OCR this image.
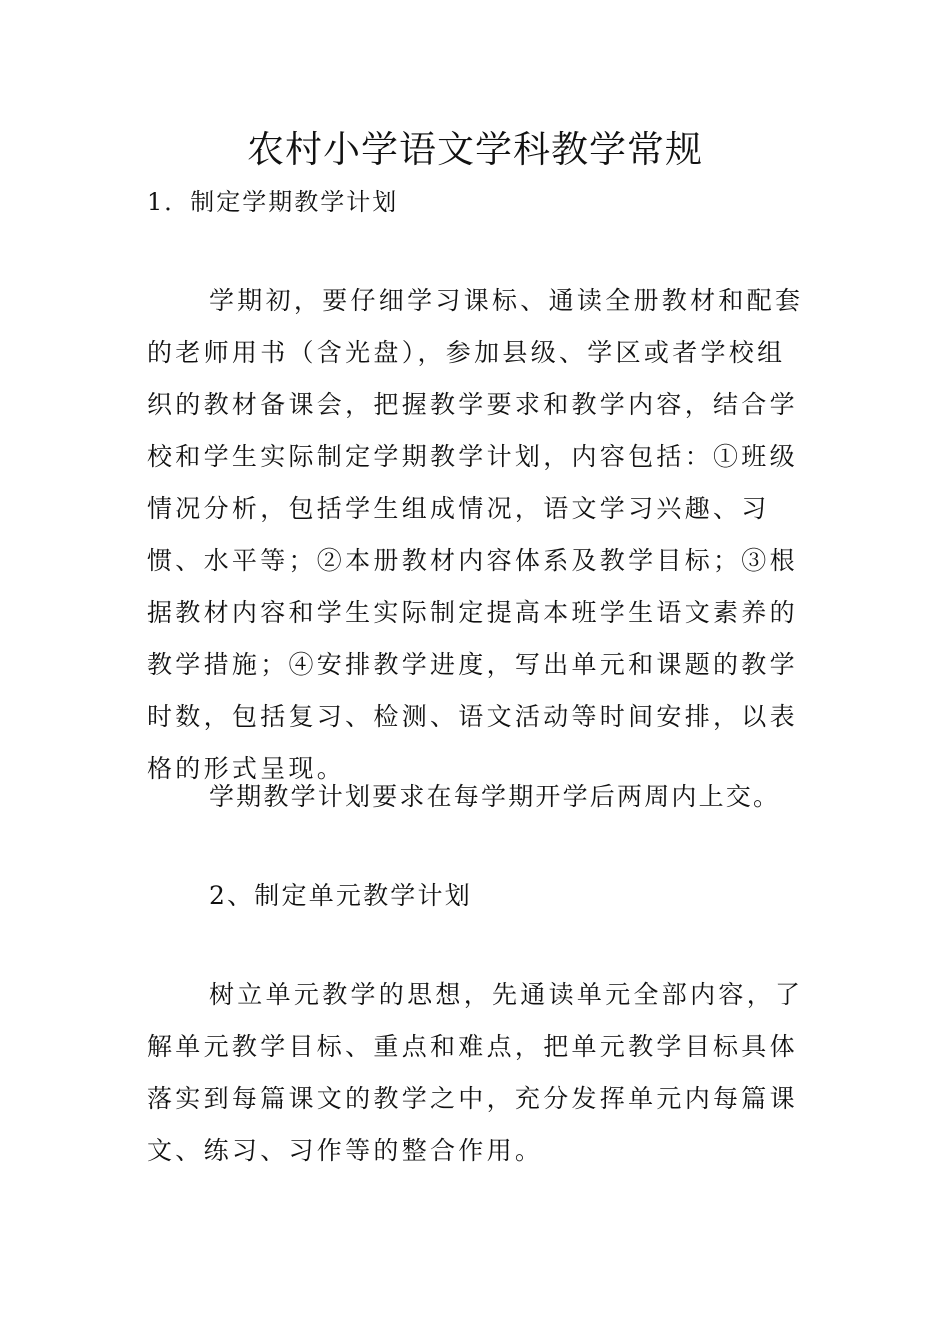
农村小学语文学科教学常规

1．制定学期教学计划

学期初，要仔细学习课标、通读全册教材和配套的老师用书（含光盘），参加县级、学区或者学校组织的教材备课会，把握教学要求和教学内容，结合学校和学生实际制定学期教学计划，内容包括：①班级情况分析，包括学生组成情况，语文学习兴趣、习惯、水平等；②本册教材内容体系及教学目标；③根据教材内容和学生实际制定提高本班学生语文素养的教学措施；④安排教学进度，写出单元和课题的教学时数，包括复习、检测、语文活动等时间安排，以表格的形式呈现。

学期教学计划要求在每学期开学后两周内上交。

2、制定单元教学计划

树立单元教学的思想，先通读单元全部内容，了解单元教学目标、重点和难点，把单元教学目标具体落实到每篇课文的教学之中，充分发挥单元内每篇课文、练习、习作等的整合作用。
